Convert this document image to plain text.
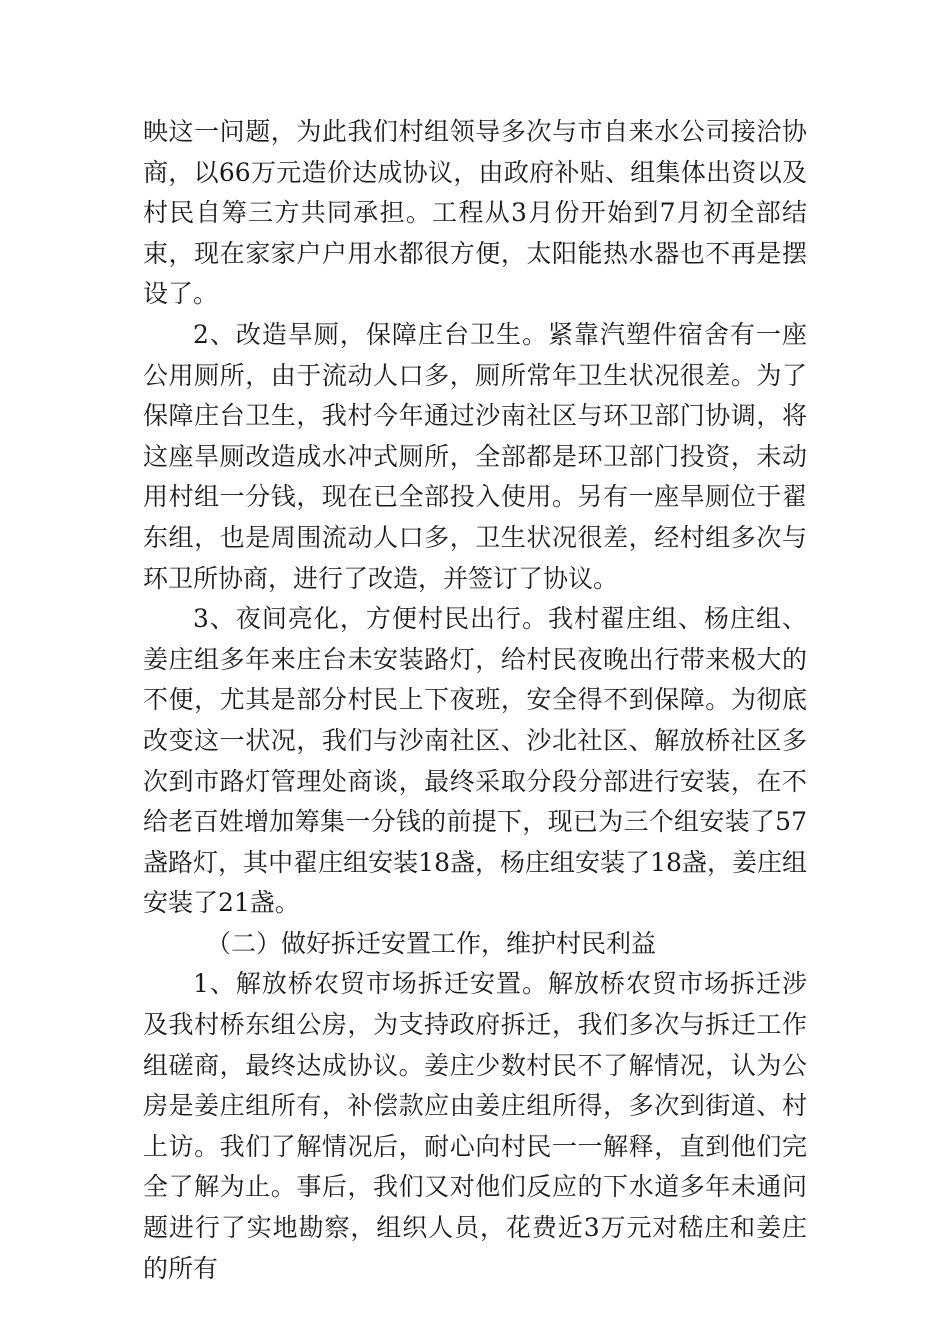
映这一问题，为此我们村组领导多次与市自来水公司接洽协商，以66万元造价达成协议，由政府补贴、组集体出资以及村民自筹三方共同承担。工程从3月份开始到7月初全部结束，现在家家户户用水都很方便，太阳能热水器也不再是摆设了。

2、改造旱厕，保障庄台卫生。紧靠汽塑件宿舍有一座公用厕所，由于流动人口多，厕所常年卫生状况很差。为了保障庄台卫生，我村今年通过沙南社区与环卫部门协调，将这座旱厕改造成水冲式厕所，全部都是环卫部门投资，未动用村组一分钱，现在已全部投入使用。另有一座旱厕位于翟东组，也是周围流动人口多，卫生状况很差，经村组多次与环卫所协商，进行了改造，并签订了协议。

3、夜间亮化，方便村民出行。我村翟庄组、杨庄组、姜庄组多年来庄台未安装路灯，给村民夜晚出行带来极大的不便，尤其是部分村民上下夜班，安全得不到保障。为彻底改变这一状况，我们与沙南社区、沙北社区、解放桥社区多次到市路灯管理处商谈，最终采取分段分部进行安装，在不给老百姓增加筹集一分钱的前提下，现已为三个组安装了57盏路灯，其中翟庄组安装18盏，杨庄组安装了18盏，姜庄组安装了21盏。

（二）做好拆迁安置工作，维护村民利益

1、解放桥农贸市场拆迁安置。解放桥农贸市场拆迁涉及我村桥东组公房，为支持政府拆迁，我们多次与拆迁工作组磋商，最终达成协议。姜庄少数村民不了解情况，认为公房是姜庄组所有，补偿款应由姜庄组所得，多次到街道、村上访。我们了解情况后，耐心向村民一一解释，直到他们完全了解为止。事后，我们又对他们反应的下水道多年未通问题进行了实地勘察，组织人员，花费近3万元对嵇庄和姜庄的所有
